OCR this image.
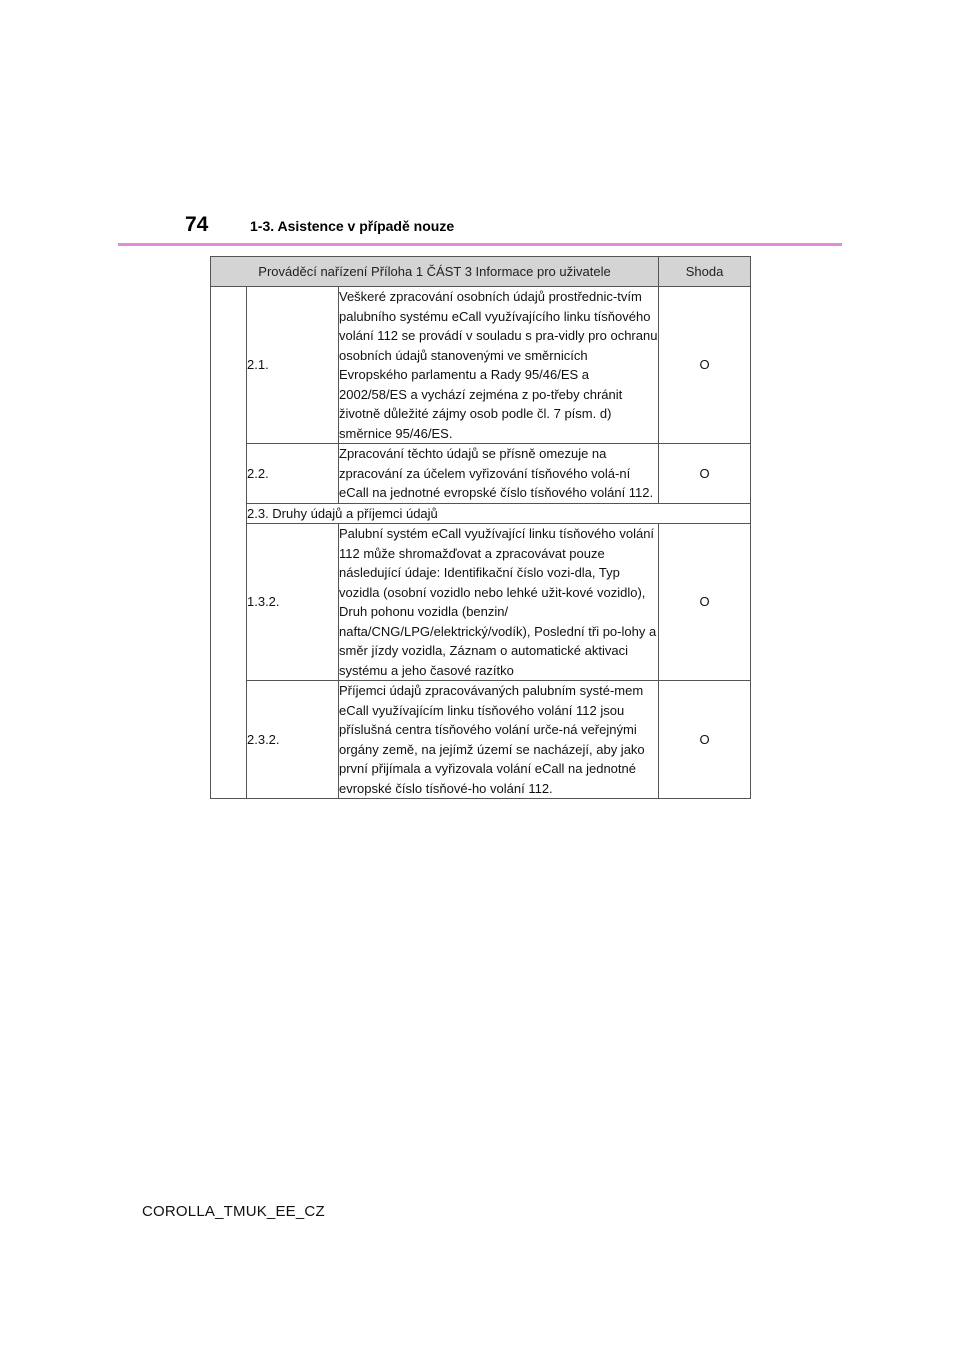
74	1-3. Asistence v případě nouze
Prováděcí nařízení Příloha 1 ČÁST 3 Informace pro uživatele			Shoda
	2.1.	Veškeré zpracování osobních údajů prostřednic-tvím palubního systému eCall využívajícího linku tísňového volání 112 se provádí v souladu s pra-vidly pro ochranu osobních údajů stanovenými ve směrnicích Evropského parlamentu a Rady 95/46/ES a 2002/58/ES a vychází zejména z po-třeby chránit životně důležité zájmy osob podle čl. 7 písm. d) směrnice 95/46/ES.	O
	2.2.	Zpracování těchto údajů se přísně omezuje na zpracování za účelem vyřizování tísňového volá-ní eCall na jednotné evropské číslo tísňového volání 112.	O
	2.3. Druhy údajů a příjemci údajů		
	1.3.2.	Palubní systém eCall využívající linku tísňového volání 112 může shromažďovat a zpracovávat pouze následující údaje: Identifikační číslo vozi-dla, Typ vozidla (osobní vozidlo nebo lehké užit-kové vozidlo), Druh pohonu vozidla (benzin/ nafta/CNG/LPG/elektrický/vodík), Poslední tři po-lohy a směr jízdy vozidla, Záznam o automatické aktivaci systému a jeho časové razítko	O
	2.3.2.	Příjemci údajů zpracovávaných palubním systé-mem eCall využívajícím linku tísňového volání 112 jsou příslušná centra tísňového volání urče-ná veřejnými orgány země, na jejímž území se nacházejí, aby jako první přijímala a vyřizovala volání eCall na jednotné evropské číslo tísňové-ho volání 112.	O
COROLLA_TMUK_EE_CZ
